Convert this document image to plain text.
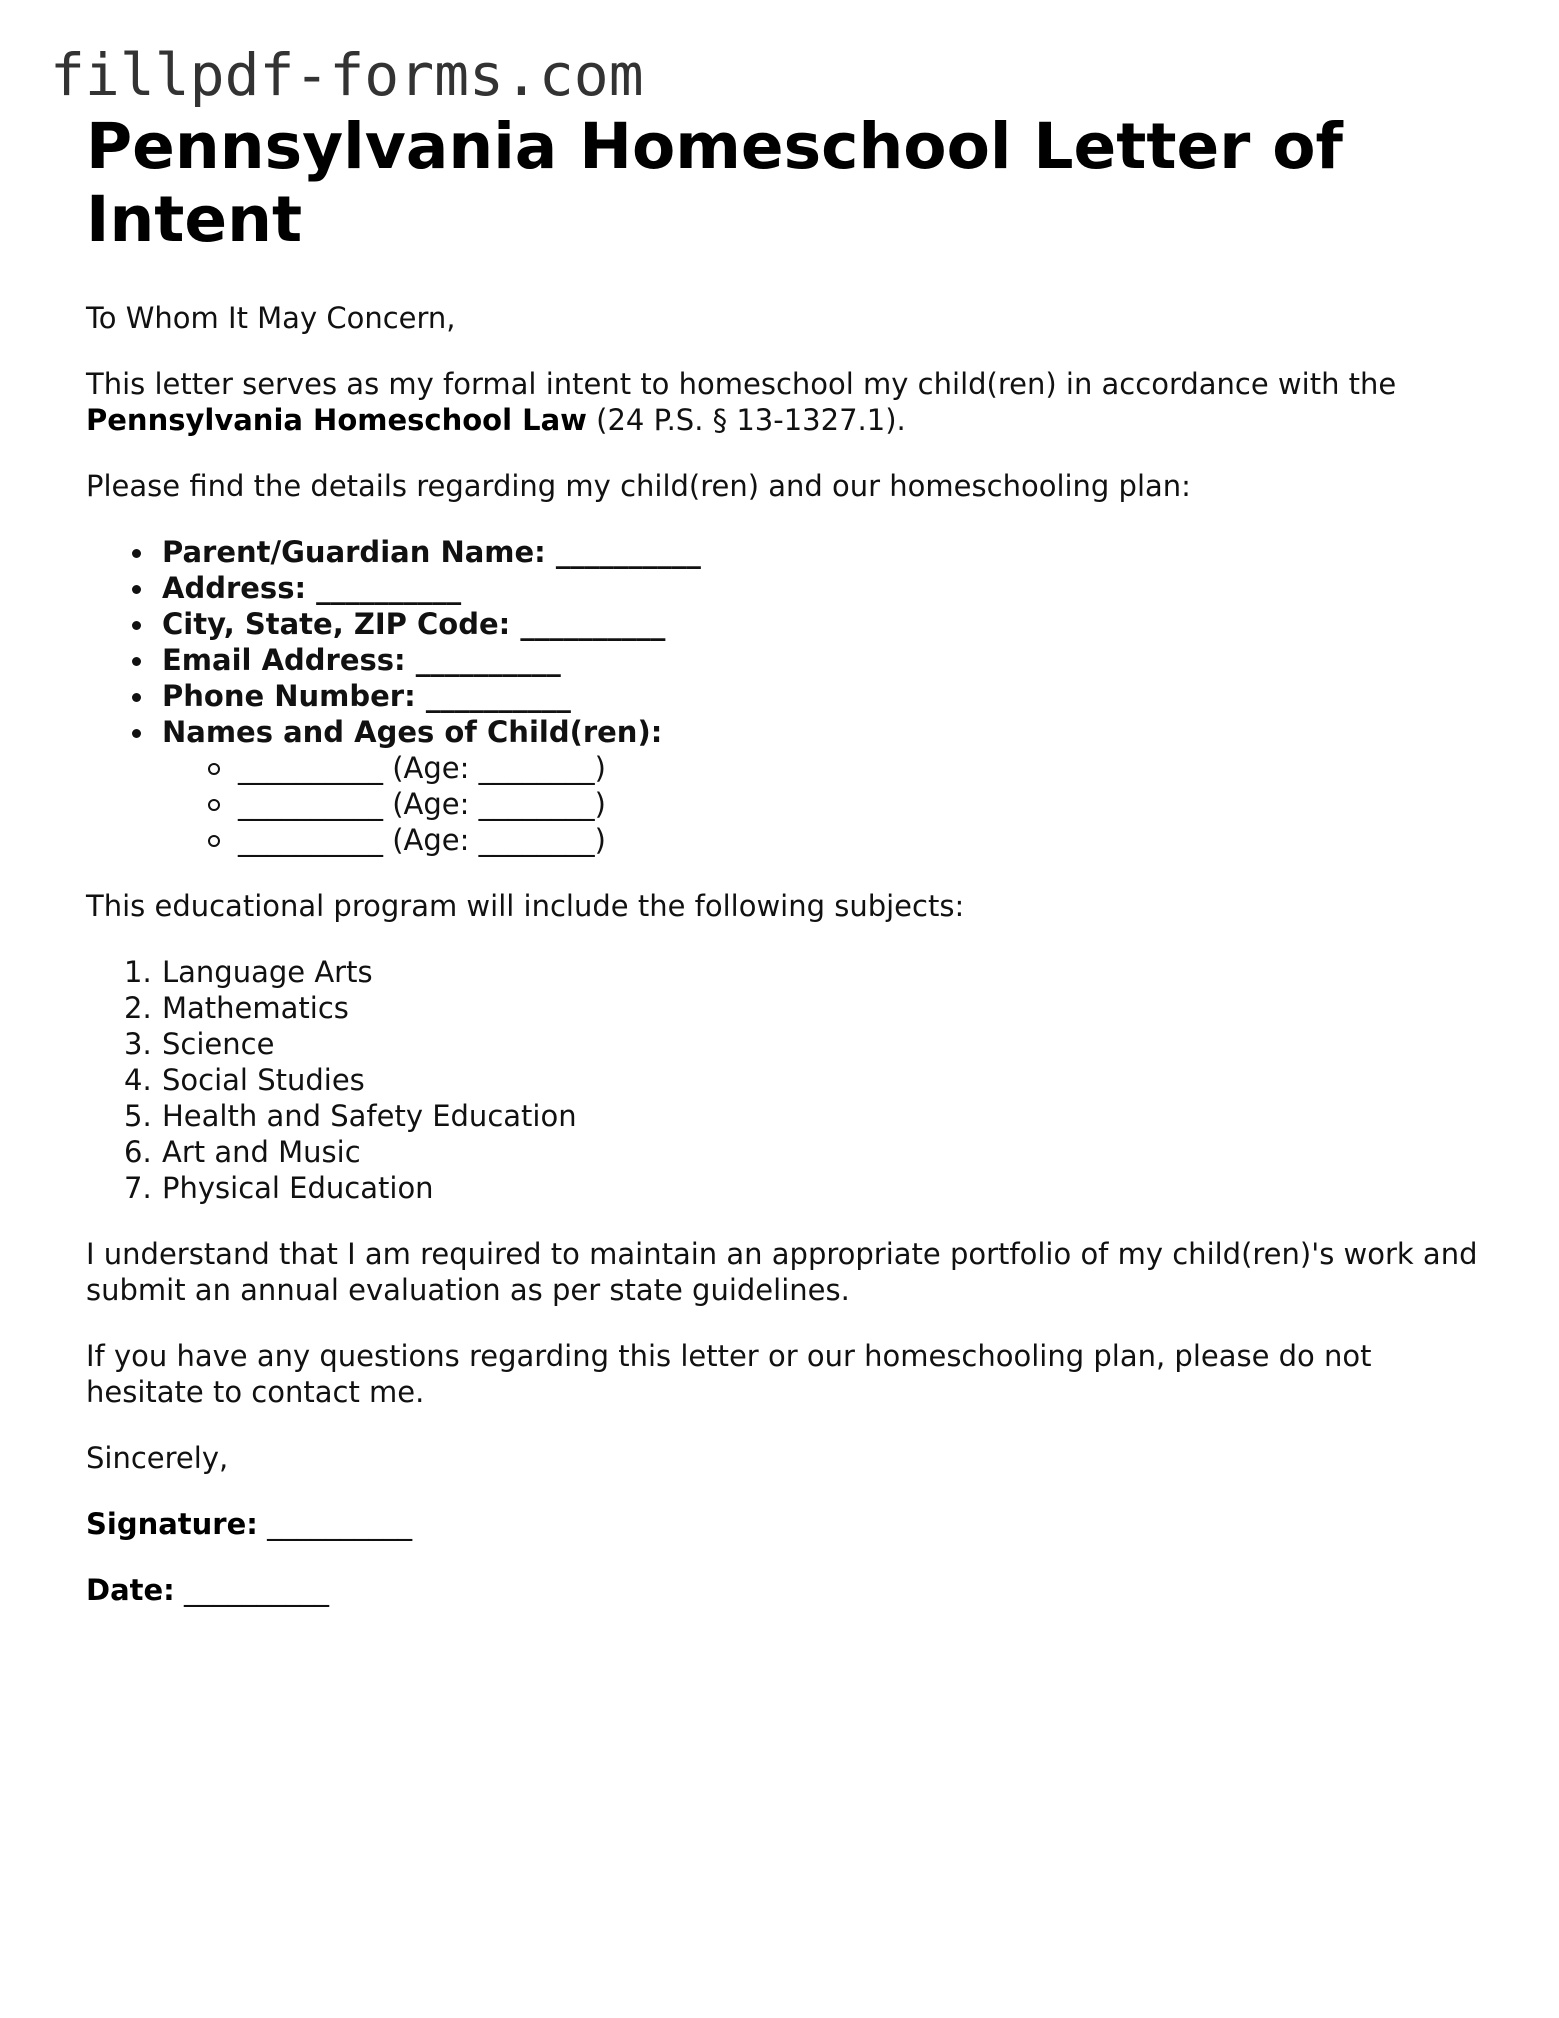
fillpdf-forms.com
Pennsylvania Homeschool Letter of Intent

To Whom It May Concern,

This letter serves as my formal intent to homeschool my child(ren) in accordance with the Pennsylvania Homeschool Law (24 P.S. § 13-1327.1).

Please find the details regarding my child(ren) and our homeschooling plan:

Parent/Guardian Name: __________
Address: __________
City, State, ZIP Code: __________
Email Address: __________
Phone Number: __________
Names and Ages of Child(ren):
__________ (Age: ________)
__________ (Age: ________)
__________ (Age: ________)

This educational program will include the following subjects:

1. Language Arts
2. Mathematics
3. Science
4. Social Studies
5. Health and Safety Education
6. Art and Music
7. Physical Education

I understand that I am required to maintain an appropriate portfolio of my child(ren)'s work and submit an annual evaluation as per state guidelines.

If you have any questions regarding this letter or our homeschooling plan, please do not hesitate to contact me.

Sincerely,

Signature: __________

Date: __________
